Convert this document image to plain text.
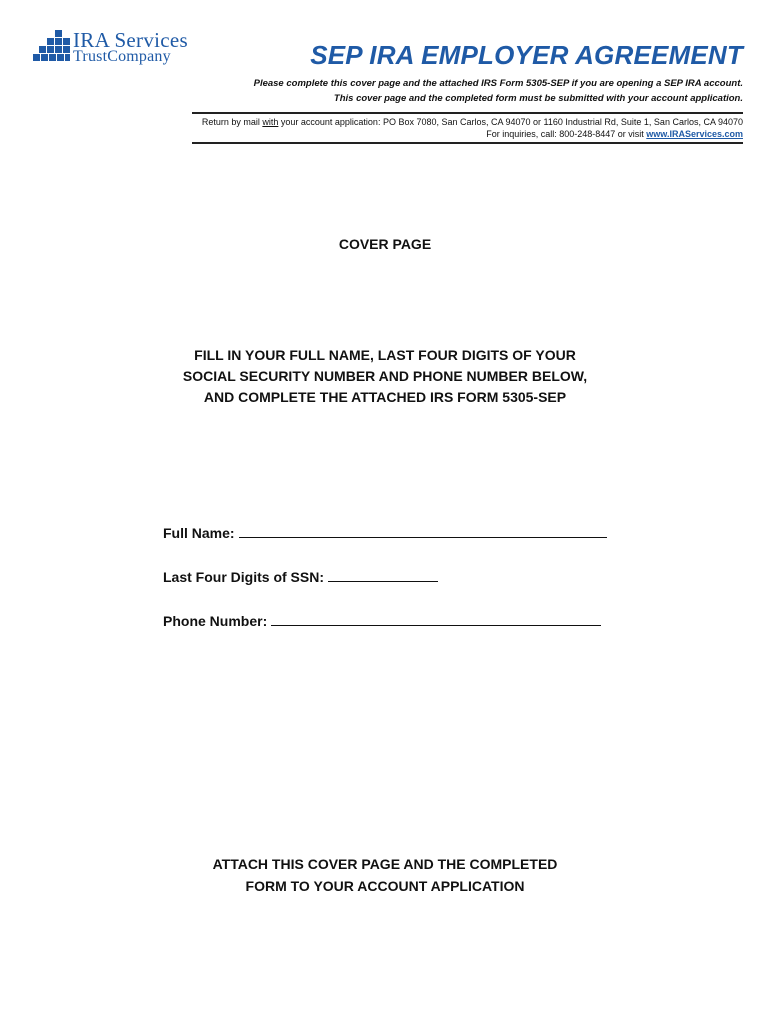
IRA Services
TrustCompany	SEP IRA EMPLOYER AGREEMENT
Please complete this cover page and the attached IRS Form 5305-SEP if you are opening a SEP IRA account.
This cover page and the completed form must be submitted with your account application.
Return by mail with your account application: PO Box 7080, San Carlos, CA 94070 or 1160 Industrial Rd, Suite 1, San Carlos, CA 94070
For inquiries, call: 800-248-8447 or visit www.IRAServices.com
COVER PAGE
FILL IN YOUR FULL NAME, LAST FOUR DIGITS OF YOUR
SOCIAL SECURITY NUMBER AND PHONE NUMBER BELOW,
AND COMPLETE THE ATTACHED IRS FORM 5305-SEP
Full Name:
Last Four Digits of SSN:
Phone Number:
ATTACH THIS COVER PAGE AND THE COMPLETED
FORM TO YOUR ACCOUNT APPLICATION
